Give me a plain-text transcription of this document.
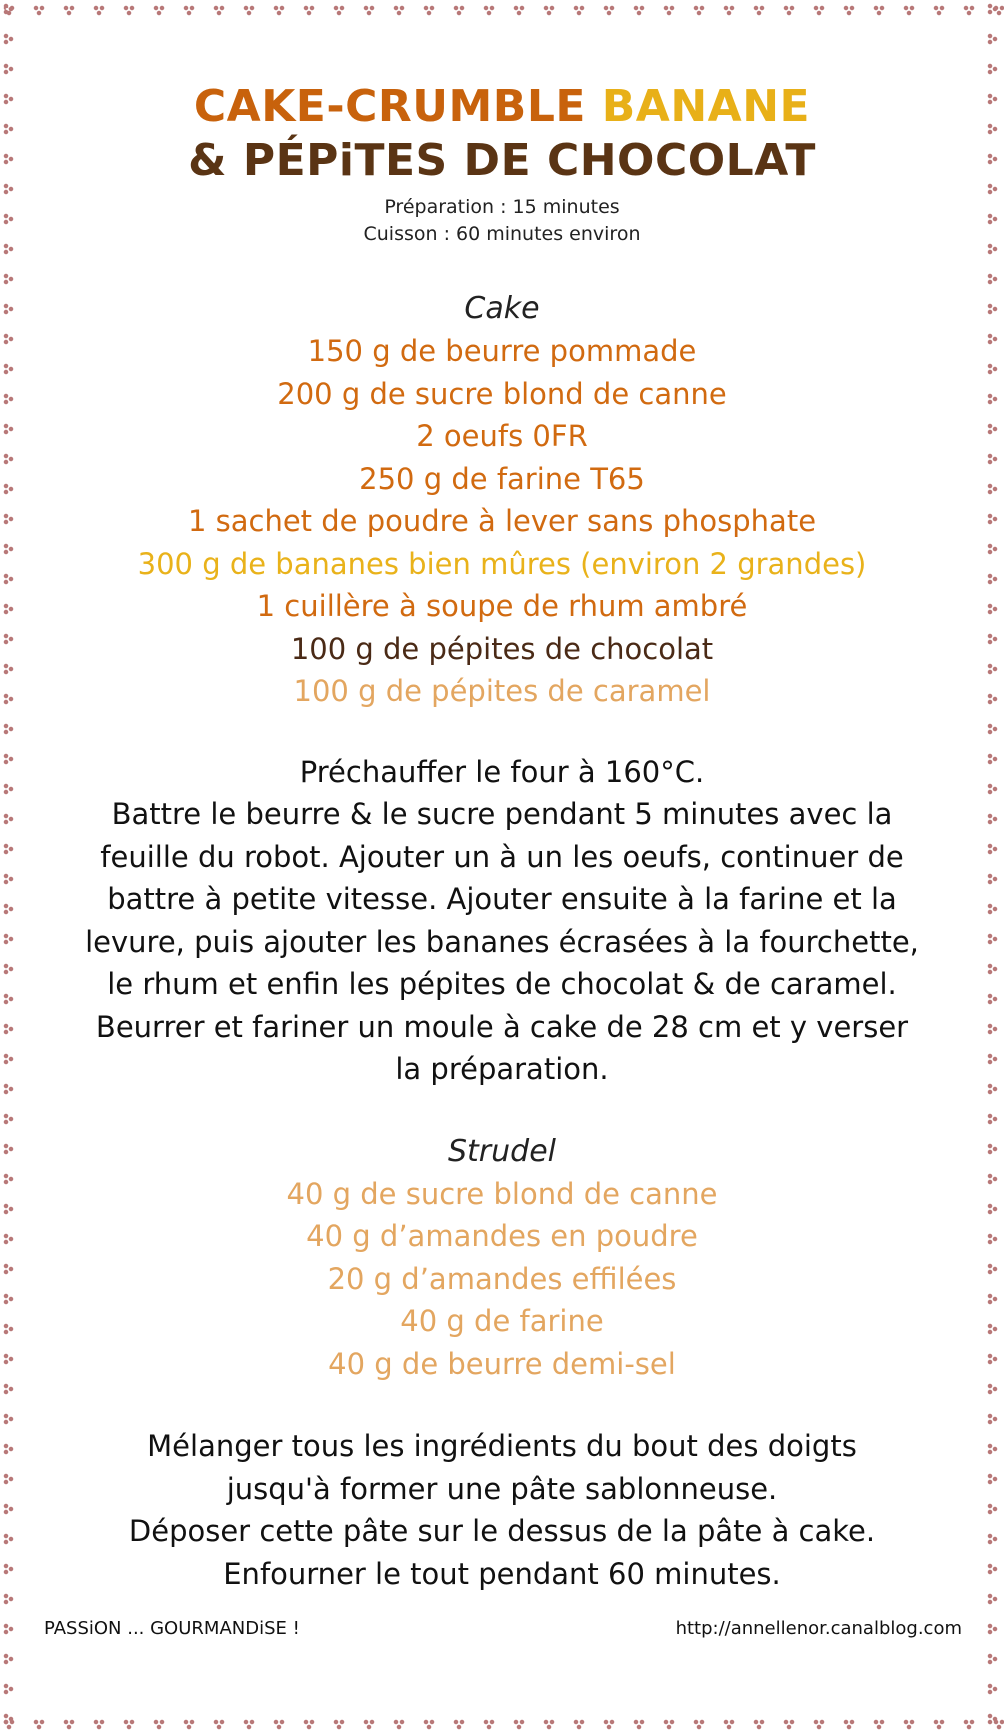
CAKE-CRUMBLE BANANE
& PÉPiTES DE CHOCOLAT
Préparation : 15 minutes
Cuisson : 60 minutes environ
Cake

150 g de beurre pommade

200 g de sucre blond de canne

2 oeufs 0FR

250 g de farine T65

1 sachet de poudre à lever sans phosphate

300 g de bananes bien mûres (environ 2 grandes)

1 cuillère à soupe de rhum ambré

100 g de pépites de chocolat

100 g de pépites de caramel

Préchauffer le four à 160°C.
Battre le beurre & le sucre pendant 5 minutes avec la
feuille du robot. Ajouter un à un les oeufs, continuer de
battre à petite vitesse. Ajouter ensuite à la farine et la
levure, puis ajouter les bananes écrasées à la fourchette,
le rhum et enfin les pépites de chocolat & de caramel.
Beurrer et fariner un moule à cake de 28 cm et y verser
la préparation.
Strudel

40 g de sucre blond de canne

40 g d’amandes en poudre

20 g d’amandes effilées

40 g de farine

40 g de beurre demi-sel

Mélanger tous les ingrédients du bout des doigts
jusqu'à former une pâte sablonneuse.
Déposer cette pâte sur le dessus de la pâte à cake.
Enfourner le tout pendant 60 minutes.
PASSiON ... GOURMANDiSE !	http://annellenor.canalblog.com
